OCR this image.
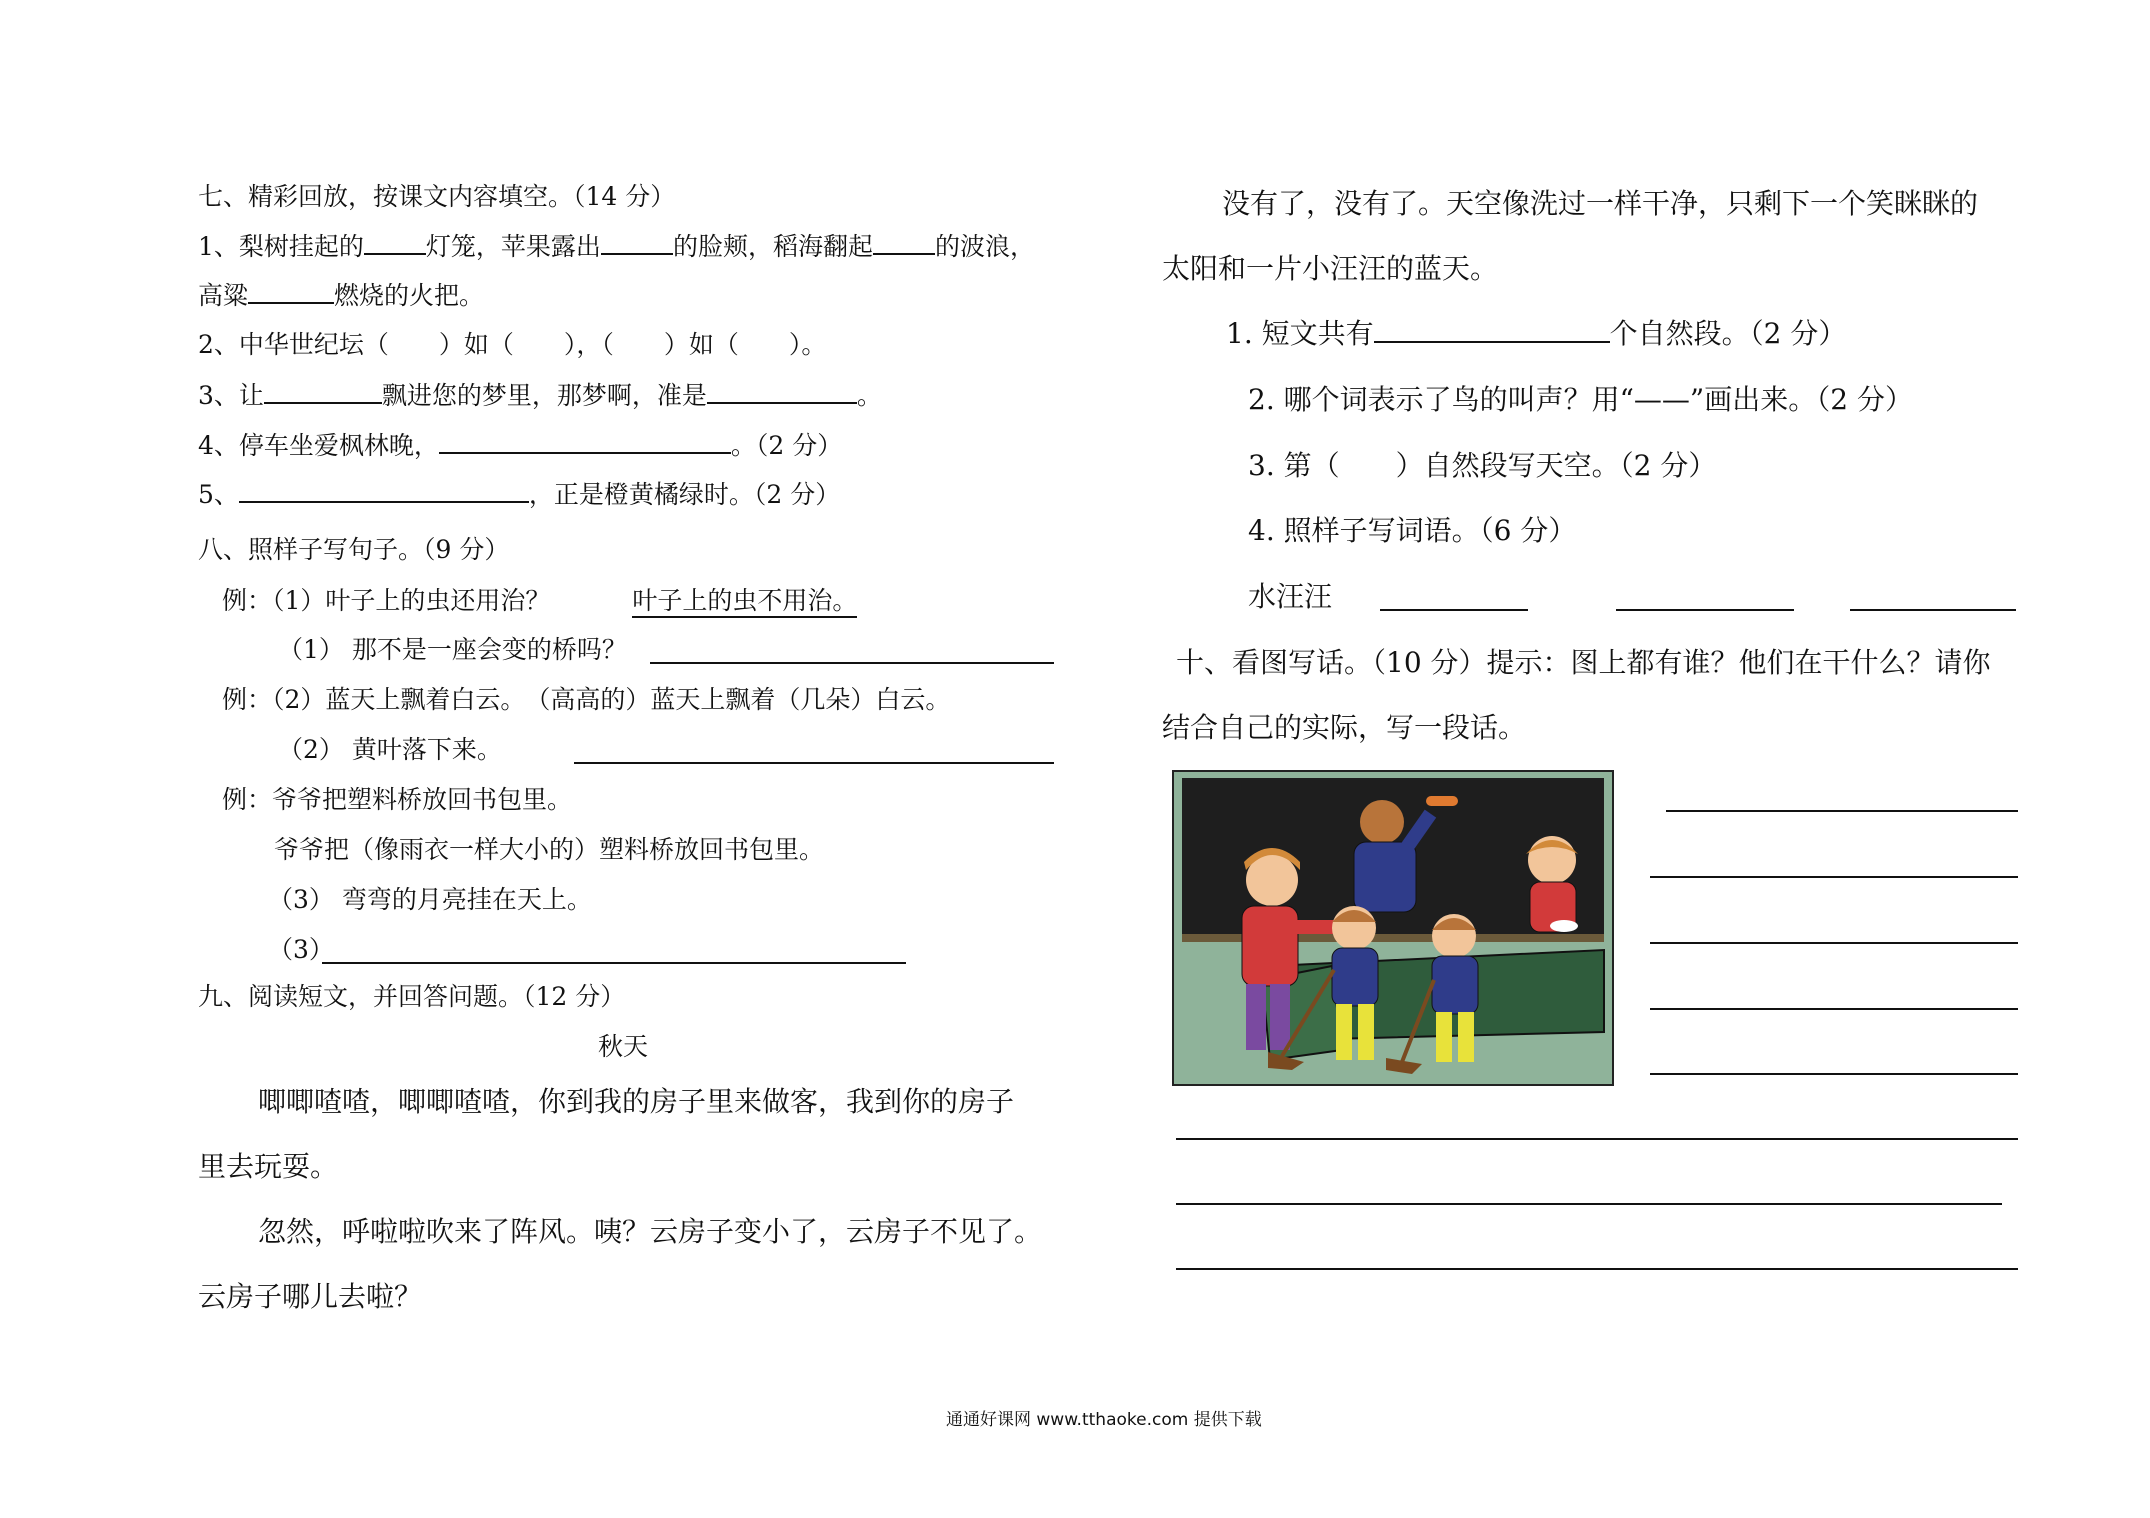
七、精彩回放，按课文内容填空。（14 分）
1、梨树挂起的 灯笼，苹果露出	的脸颊，稻海翻起 的波浪，
高粱	燃烧的火把。
2、中华世纪坛（　　）如（　　），（　　）如（　　）。
3、让	飘进您的梦里，那梦啊，准是	。
4、停车坐爱枫林晚，	。（2 分）
5、	，正是橙黄橘绿时。（2 分）
八、照样子写句子。（9 分）
例：（1）叶子上的虫还用治？	叶子上的虫不用治。
（1） 那不是一座会变的桥吗？
例：（2）蓝天上飘着白云。　（高高的）蓝天上飘着（几朵）白云。
（2） 黄叶落下来。
例：爷爷把塑料桥放回书包里。
爷爷把（像雨衣一样大小的）塑料桥放回书包里。
（3） 弯弯的月亮挂在天上。
（3）
九、阅读短文，并回答问题。（12 分）
秋天
唧唧喳喳，唧唧喳喳，你到我的房子里来做客，我到你的房子
里去玩耍。
忽然，呼啦啦吹来了阵风。咦？云房子变小了，云房子不见了。
云房子哪儿去啦？
没有了，没有了。天空像洗过一样干净，只剩下一个笑眯眯的
太阳和一片小汪汪的蓝天。
1. 短文共有	个自然段。（2 分）
2. 哪个词表示了鸟的叫声？用“——”画出来。（2 分）
3. 第（　　）自然段写天空。（2 分）
4. 照样子写词语。（6 分）
水汪汪
十、看图写话。（10 分）提示：图上都有谁？他们在干什么？请你
结合自己的实际，写一段话。
通通好课网 www.tthaoke.com 提供下载
